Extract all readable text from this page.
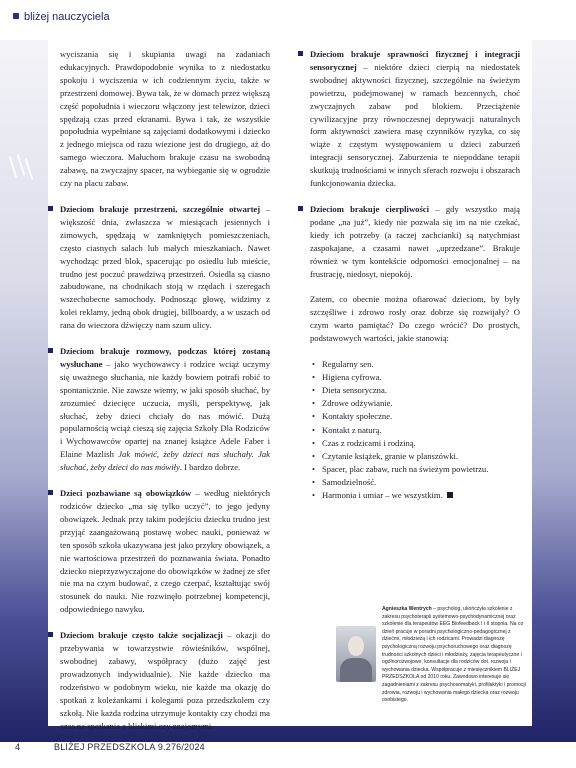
bliżej nauczyciela

wyciszania się i skupiania uwagi na zadaniach edukacyjnych. Prawdopodobnie wynika to z niedostatku spokoju i wyciszenia w ich codziennym życiu, także w przestrzeni domowej. Bywa tak, że w domach przez większą część popołudnia i wieczoru włączony jest telewizor, dzieci spędzają czas przed ekranami. Bywa i tak, że wszystkie popołudnia wypełniane są zajęciami dodatkowymi i dziecko z jednego miejsca od razu wiezione jest do drugiego, aż do samego wieczora. Małuchom brakuje czasu na swobodną zabawę, na zwyczajny spacer, na wybieganie się w ogrodzie czy na placu zabaw.

Dzieciom brakuje przestrzeni, szczególnie otwartej – większość dnia, zwłaszcza w miesiącach jesiennych i zimowych, spędzają w zamkniętych pomieszczeniach, często ciasnych salach lub małych mieszkaniach. Nawet wychodząc przed blok, spacerując po osiedlu lub mieście, trudno jest poczuć prawdziwą przestrzeń. Osiedla są ciasno zabudowane, na chodnikach stoją w rzędach i szeregach wszechobecne samochody. Podnosząc głowę, widzimy z kolei reklamy, jedną obok drugiej, billboardy, a w uszach od rana do wieczora dźwięczy nam szum ulicy.

Dzieciom brakuje rozmowy, podczas której zostaną wysłuchane – jako wychowawcy i rodzice wciąż uczymy się uważnego słuchania, nie każdy bowiem potrafi robić to spontanicznie. Nie zawsze wiemy, w jaki sposób słuchać, by zrozumieć dziecięce uczucia, myśli, perspektywę, jak słuchać, żeby dzieci chciały do nas mówić. Dużą popularnością wciąż cieszą się zajęcia Szkoły Dla Rodziców i Wychowawców opartej na znanej książce Adele Faber i Elaine Mazlish Jak mówić, żeby dzieci nas słuchały. Jak słuchać, żeby dzieci do nas mówiły. I bardzo dobrze.

Dzieci pozbawiane są obowiązków – według niektórych rodziców dziecko „ma się tylko uczyć”, to jego jedyny obowiązek. Jednak przy takim podejściu dziecku trudno jest przyjąć zaangażowaną postawę wobec nauki, ponieważ w ten sposób szkoła ukazywana jest jako przykry obowiązek, a nie wartościowa przestrzeń do poznawania świata. Ponadto dziecko nieprzyzwyczajone do obowiązków w żadnej ze sfer nie ma na czym budować, z czego czerpać, kształtując swój stosunek do nauki. Nie rozwinęło potrzebnej kompetencji, odpowiedniego nawyku.

Dzieciom brakuje często także socjalizacji – okazji do przebywania w towarzystwie rówieśników, wspólnej, swobodnej zabawy, współpracy (dużo zajęć jest prowadzonych indywidualnie). Nie każde dziecko ma rodzeństwo w podobnym wieku, nie każde ma okazję do spotkań z koleżankami i kolegami poza przedszkolem czy szkołą. Nie każda rodzina utrzymuje kontakty czy chodzi ma czas na spotkania z bliskimi czy znajomymi.

Dzieciom brakuje sprawności fizycznej i integracji sensorycznej – niektóre dzieci cierpią na niedostatek swobodnej aktywności fizycznej, szczególnie na świeżym powietrzu, podejmowanej w ramach bezcennych, choć zwyczajnych zabaw pod blokiem. Przeciążenie cywilizacyjne przy równoczesnej deprywacji naturalnych form aktywności zawiera masę czynników ryzyka, co się wiąże z częstym występowaniem u dzieci zaburzeń integracji sensorycznej. Zaburzenia te niepoddane terapii skutkują trudnościami w innych sferach rozwoju i obszarach funkcjonowania dziecka.

Dzieciom brakuje cierpliwości – gdy wszystko mają podane „na już”, kiedy nie pozwala się im na nie czekać, kiedy ich potrzeby (a raczej zachcianki) są natychmiast zaspokajane, a czasami nawet „uprzedzane”. Brakuje również w tym kontekście odporności emocjonalnej – na frustrację, niedosyt, niepokój.

Zatem, co obecnie można ofiarować dzieciom, by były szczęśliwe i zdrowo rosły oraz dobrze się rozwijały? O czym warto pamiętać? Do czego wrócić? Do prostych, podstawowych wartości, jakie stanowią:

• Regularny sen.
• Higiena cyfrowa.
• Dieta sensoryczna.
• Zdrowe odżywianie.
• Kontakty społeczne.
• Kontakt z naturą.
• Czas z rodzicami i rodziną.
• Czytanie książek, granie w planszówki.
• Spacer, plac zabaw, ruch na świeżym powietrzu.
• Samodzielność.
• Harmonia i umiar – we wszystkim.
Agnieszka Wentrych – psycholog, ukończyła szkolenie z zakresu psychoterapii systemowo-psychodynamicznej oraz szkolenie dla terapeutów EEG Biofeedback I i II stopnia. Na co dzień pracuje w poradni psychologiczno-pedagogicznej z dziećmi, młodzieżą i ich rodzicami. Prowadzi diagnozę psychologiczną rozwoju psychoruchowego oraz diagnozę trudności szkolnych dzieci i młodzieży, zajęcia terapeutyczne i ogólnorozwojowe, konsultacje dla rodziców dot. rozwoju i wychowania dziecka. Współpracuje z miesięcznikiem BLIŻEJ PRZEDSZKOLA od 2010 roku. Zawodowo interesuje się zagadnieniami z zakresu psychosomatyki, profilaktyki i promocji zdrowia, rozwoju i wychowania małego dziecka oraz rozwoju osobistego.
4	BLIŻEJ PRZEDSZKOLA 9.276/2024
